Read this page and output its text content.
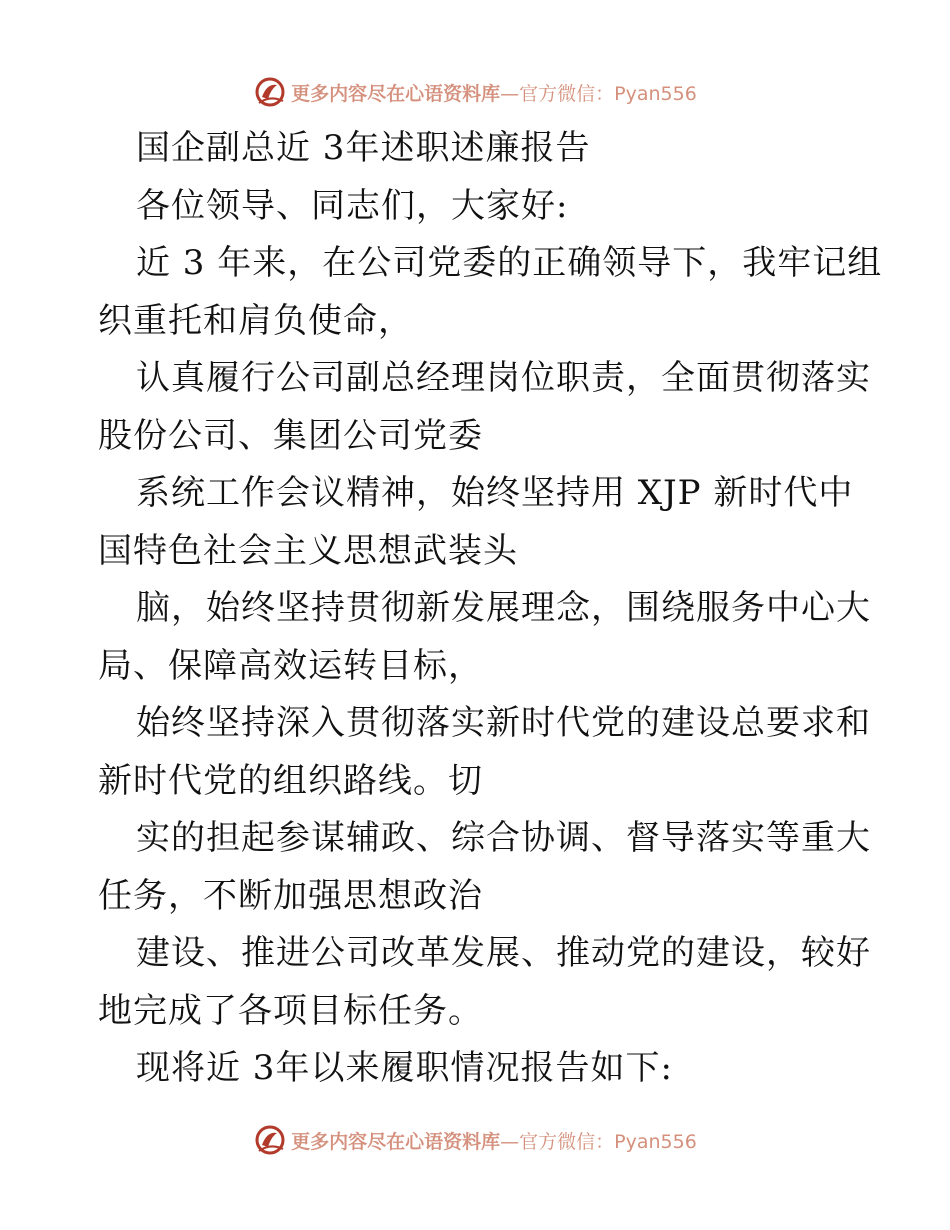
更多内容尽在心语资料库 —官方微信：Pyan556
国企副总近 3年述职述廉报告
各位领导、同志们，大家好:
近 3 年来，在公司党委的正确领导下，我牢记组
织重托和肩负使命，
认真履行公司副总经理岗位职责，全面贯彻落实
股份公司、集团公司党委
系统工作会议精神，始终坚持用 XJP 新时代中
国特色社会主义思想武装头
脑，始终坚持贯彻新发展理念，围绕服务中心大
局、保障高效运转目标，
始终坚持深入贯彻落实新时代党的建设总要求和
新时代党的组织路线。切
实的担起参谋辅政、综合协调、督导落实等重大
任务，不断加强思想政治
建设、推进公司改革发展、推动党的建设，较好
地完成了各项目标任务。
现将近 3年以来履职情况报告如下:
更多内容尽在心语资料库 —官方微信：Pyan556
